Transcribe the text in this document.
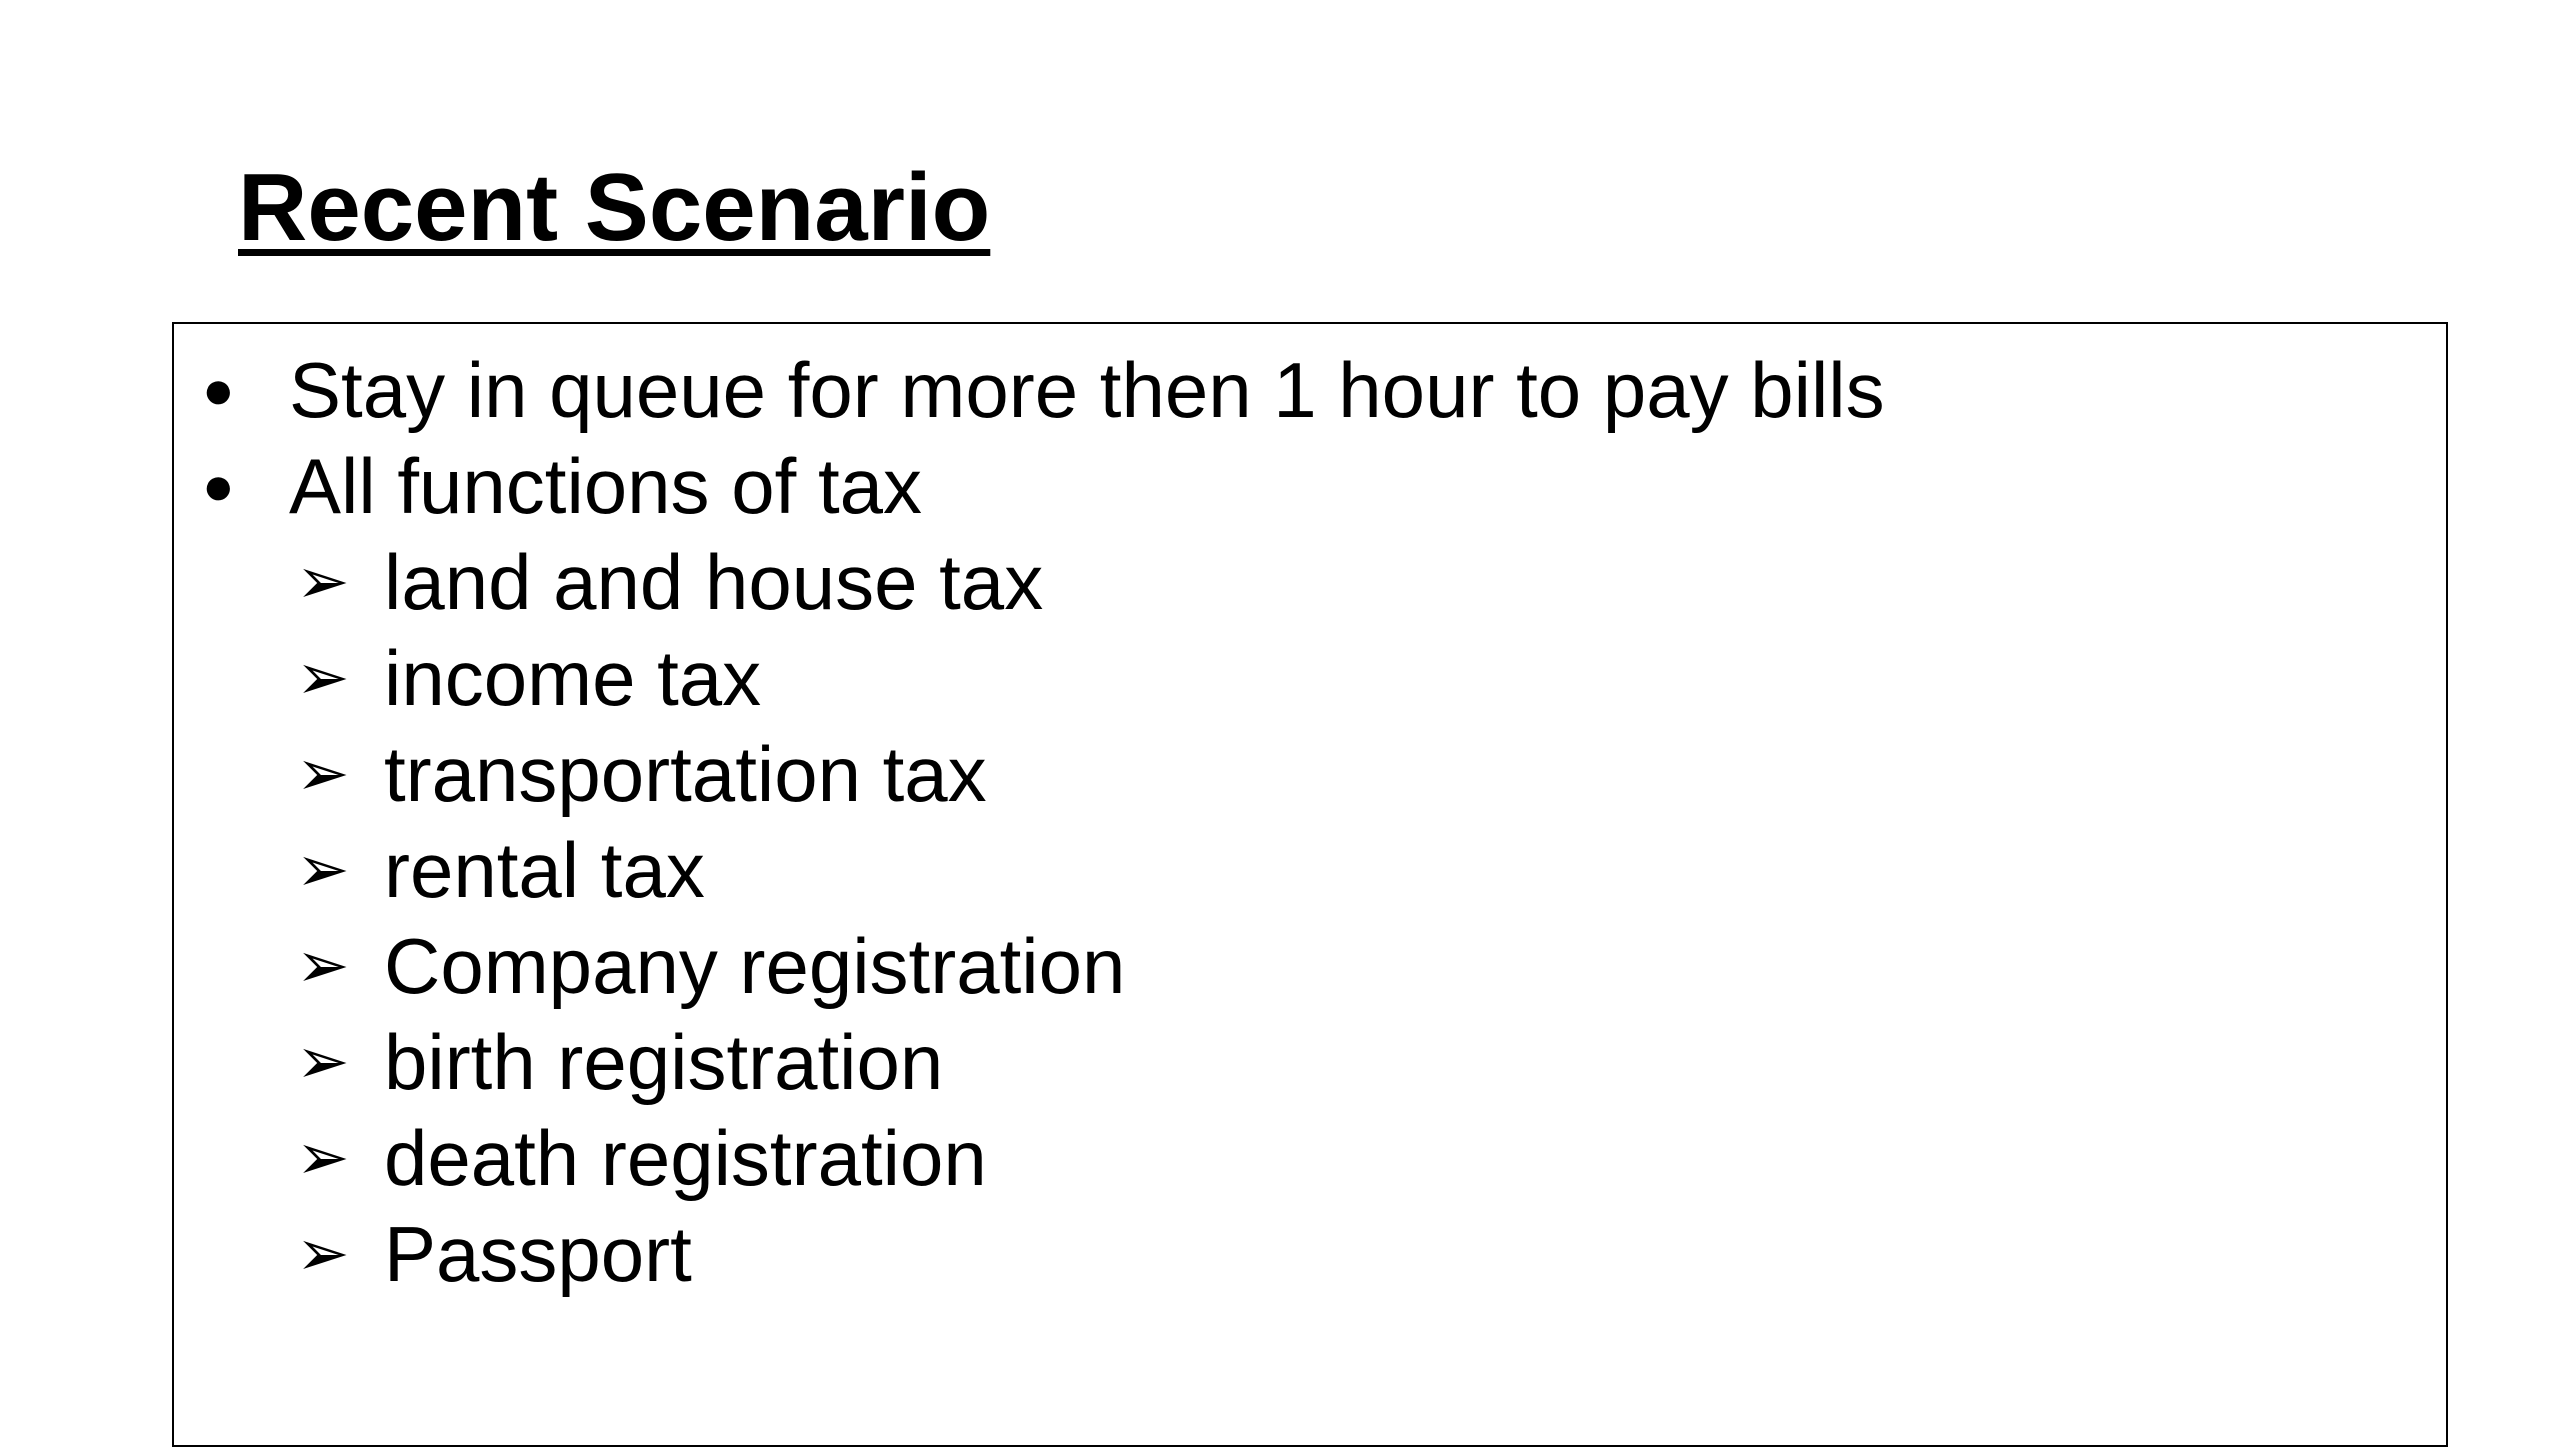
Recent Scenario
● Stay in queue for more then 1 hour to pay bills
● All functions of tax
➢ land and house tax
➢ income tax
➢ transportation tax
➢ rental tax
➢ Company registration
➢ birth registration
➢ death registration
➢ Passport
